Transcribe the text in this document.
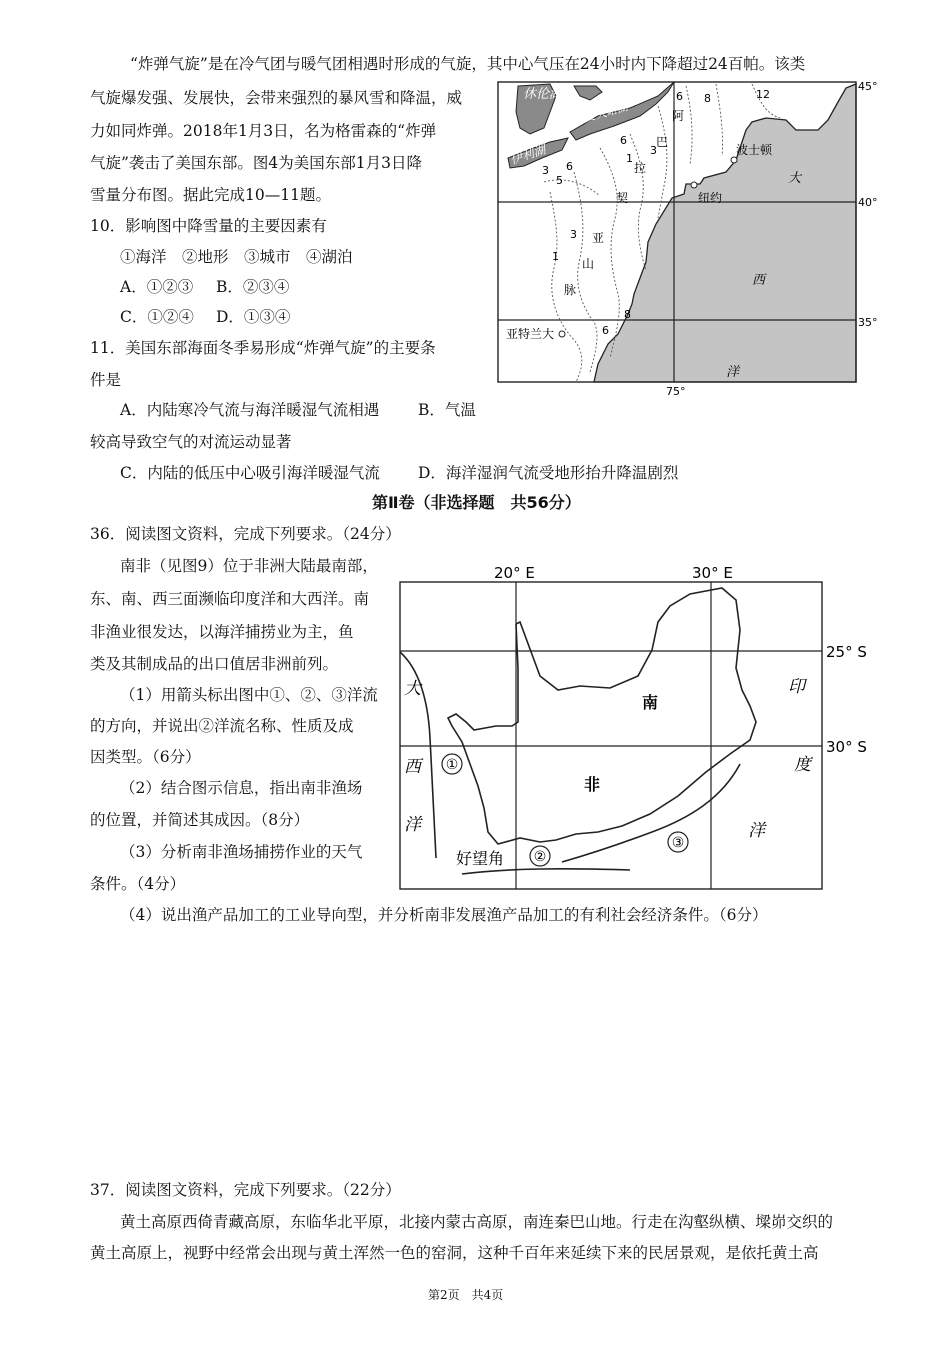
“炸弹气旋”是在冷气团与暖气团相遇时形成的气旋，其中心气压在24小时内下降超过24百帕。该类
气旋爆发强、发展快，会带来强烈的暴风雪和降温，威
力如同炸弹。2018年1月3日，名为格雷森的“炸弹
气旋”袭击了美国东部。图4为美国东部1月3日降
雪量分布图。据此完成10—11题。
10．影响图中降雪量的主要因素有
①海洋　②地形　③城市　④湖泊
A．①②③ B．②③④
C．①②④ D．①③④
11．美国东部海面冬季易形成“炸弹气旋”的主要条
件是
A．内陆寒冷气流与海洋暖湿气流相遇	B．气温
较高导致空气的对流运动显著
C．内陆的低压中心吸引海洋暖湿气流 D．海洋湿润气流受地形抬升降温剧烈
第Ⅱ卷（非选择题　共56分）
36．阅读图文资料，完成下列要求。（24分）
南非（见图9）位于非洲大陆最南部，
东、南、西三面濒临印度洋和大西洋。南
非渔业很发达，以海洋捕捞业为主，鱼
类及其制成品的出口值居非洲前列。
（1）用箭头标出图中①、②、③洋流
的方向，并说出②洋流名称、性质及成
因类型。（6分）
（2）结合图示信息，指出南非渔场
的位置，并简述其成因。（8分）
（3）分析南非渔场捕捞作业的天气
条件。（4分）
（4）说出渔产品加工的工业导向型，并分析南非发展渔产品加工的有利社会经济条件。（6分）
37．阅读图文资料，完成下列要求。（22分）
黄土高原西倚青藏高原，东临华北平原，北接内蒙古高原，南连秦巴山地。行走在沟壑纵横、墚峁交织的
黄土高原上，视野中经常会出现与黄土浑然一色的窑洞，这种千百年来延续下来的民居景观，是依托黄土高
第2页　共4页
45°
40°
35°
75°
休伦湖
安大略湖
伊利湖
阿
巴
拉
契
亚
山
脉
波士顿
纽约
亚特兰大
大
西
洋
6 8	12
6
3
1
5
3 6
3
1
8
6
①
②
③
20° E	30° E
25° S
30° S
南
非
大
西
洋
印
度
洋
好望角
